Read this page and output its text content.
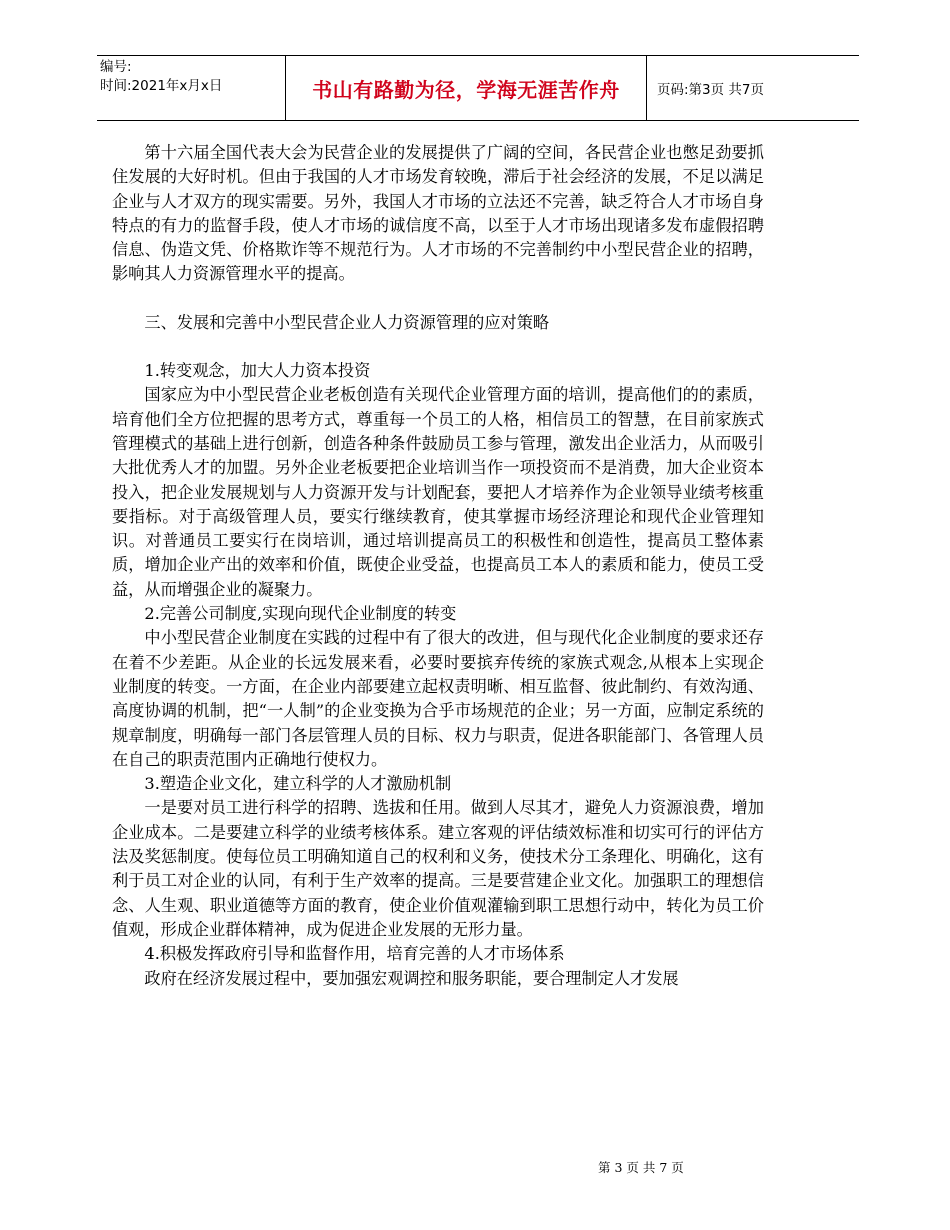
编号:
时间:2021年x月x日	书山有路勤为径，学海无涯苦作舟	页码:第3页 共7页

第十六届全国代表大会为民营企业的发展提供了广阔的空间，各民营企业也憋足劲要抓住发展的大好时机。但由于我国的人才市场发育较晚，滞后于社会经济的发展，不足以满足企业与人才双方的现实需要。另外，我国人才市场的立法还不完善，缺乏符合人才市场自身特点的有力的监督手段，使人才市场的诚信度不高，以至于人才市场出现诸多发布虚假招聘信息、伪造文凭、价格欺诈等不规范行为。人才市场的不完善制约中小型民营企业的招聘，影响其人力资源管理水平的提高。

三、发展和完善中小型民营企业人力资源管理的应对策略

1.转变观念，加大人力资本投资

国家应为中小型民营企业老板创造有关现代企业管理方面的培训，提高他们的的素质，培育他们全方位把握的思考方式，尊重每一个员工的人格，相信员工的智慧，在目前家族式管理模式的基础上进行创新，创造各种条件鼓励员工参与管理，激发出企业活力，从而吸引大批优秀人才的加盟。另外企业老板要把企业培训当作一项投资而不是消费，加大企业资本投入，把企业发展规划与人力资源开发与计划配套，要把人才培养作为企业领导业绩考核重要指标。对于高级管理人员，要实行继续教育，使其掌握市场经济理论和现代企业管理知识。对普通员工要实行在岗培训，通过培训提高员工的积极性和创造性，提高员工整体素质，增加企业产出的效率和价值，既使企业受益，也提高员工本人的素质和能力，使员工受益，从而增强企业的凝聚力。

2.完善公司制度,实现向现代企业制度的转变

中小型民营企业制度在实践的过程中有了很大的改进，但与现代化企业制度的要求还存在着不少差距。从企业的长远发展来看，必要时要摈弃传统的家族式观念,从根本上实现企业制度的转变。一方面，在企业内部要建立起权责明晰、相互监督、彼此制约、有效沟通、高度协调的机制，把“一人制”的企业变换为合乎市场规范的企业；另一方面，应制定系统的规章制度，明确每一部门各层管理人员的目标、权力与职责，促进各职能部门、各管理人员在自己的职责范围内正确地行使权力。

3.塑造企业文化，建立科学的人才激励机制

一是要对员工进行科学的招聘、选拔和任用。做到人尽其才，避免人力资源浪费，增加企业成本。二是要建立科学的业绩考核体系。建立客观的评估绩效标准和切实可行的评估方法及奖惩制度。使每位员工明确知道自己的权利和义务，使技术分工条理化、明确化，这有利于员工对企业的认同，有利于生产效率的提高。三是要营建企业文化。加强职工的理想信念、人生观、职业道德等方面的教育，使企业价值观灌输到职工思想行动中，转化为员工价值观，形成企业群体精神，成为促进企业发展的无形力量。

4.积极发挥政府引导和监督作用，培育完善的人才市场体系

政府在经济发展过程中，要加强宏观调控和服务职能，要合理制定人才发展

第 3 页 共 7 页
